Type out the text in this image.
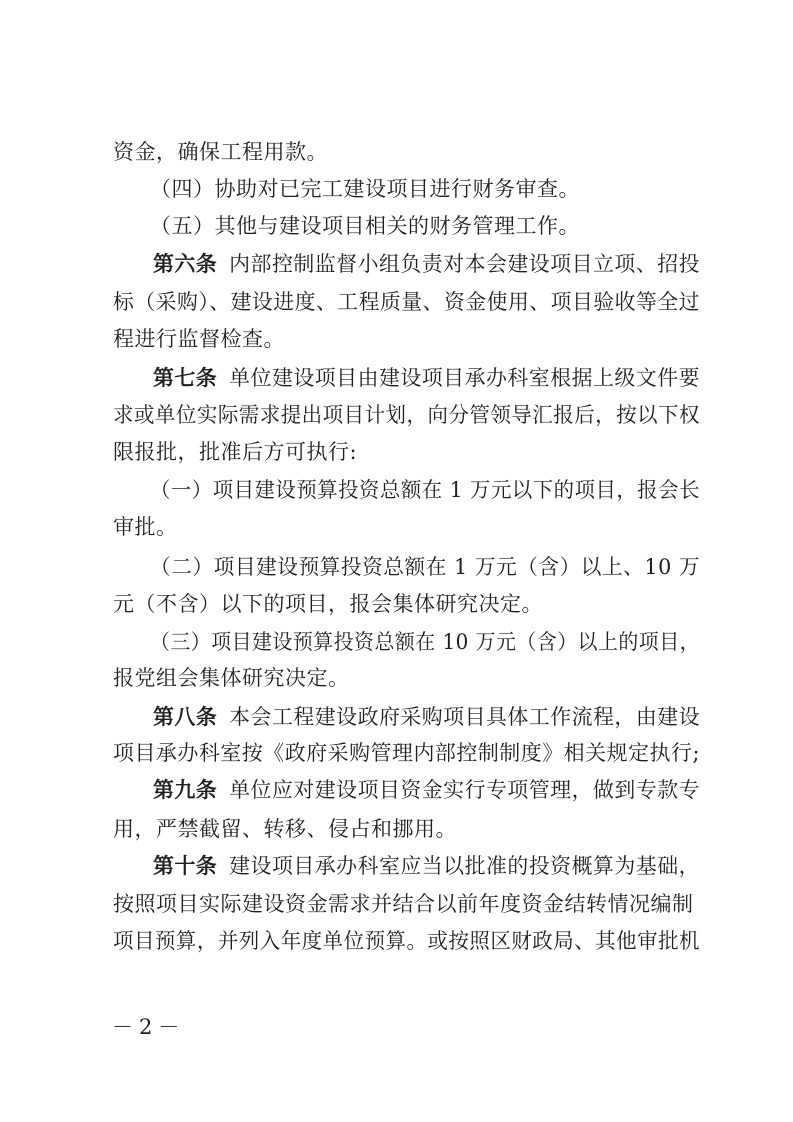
资金，确保工程用款。
（四）协助对已完工建设项目进行财务审查。
（五）其他与建设项目相关的财务管理工作。
第六条 内部控制监督小组负责对本会建设项目立项、招投
标（采购）、建设进度、工程质量、资金使用、项目验收等全过
程进行监督检查。
第七条 单位建设项目由建设项目承办科室根据上级文件要
求或单位实际需求提出项目计划，向分管领导汇报后，按以下权
限报批，批准后方可执行:
（一）项目建设预算投资总额在 1 万元以下的项目，报会长
审批。
（二）项目建设预算投资总额在 1 万元（含）以上、10 万
元（不含）以下的项目，报会集体研究决定。
（三）项目建设预算投资总额在 10 万元（含）以上的项目，
报党组会集体研究决定。
第八条 本会工程建设政府采购项目具体工作流程，由建设
项目承办科室按《政府采购管理内部控制制度》相关规定执行;
第九条 单位应对建设项目资金实行专项管理，做到专款专
用，严禁截留、转移、侵占和挪用。
第十条 建设项目承办科室应当以批准的投资概算为基础，
按照项目实际建设资金需求并结合以前年度资金结转情况编制
项目预算，并列入年度单位预算。或按照区财政局、其他审批机
－2－
